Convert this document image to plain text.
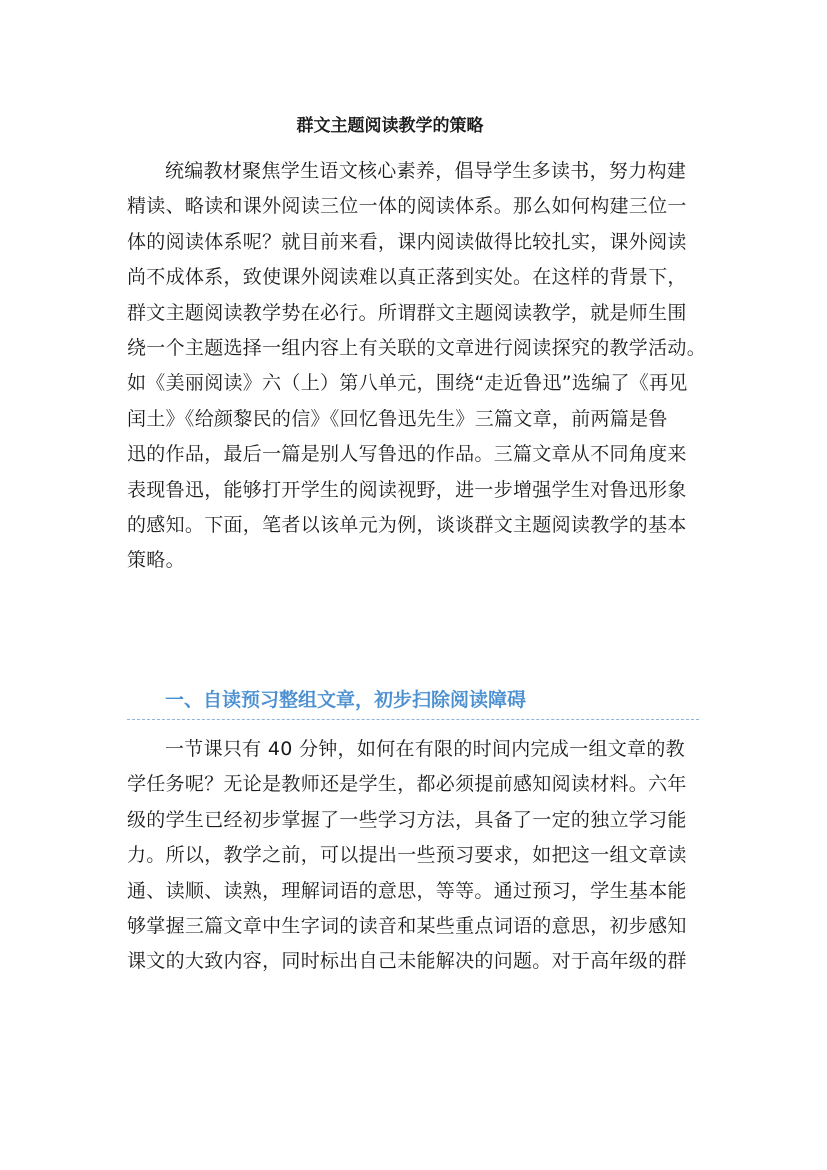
群文主题阅读教学的策略
统编教材聚焦学生语文核心素养，倡导学生多读书，努力构建
精读、略读和课外阅读三位一体的阅读体系。那么如何构建三位一
体的阅读体系呢？就目前来看，课内阅读做得比较扎实，课外阅读
尚不成体系，致使课外阅读难以真正落到实处。在这样的背景下，
群文主题阅读教学势在必行。所谓群文主题阅读教学，就是师生围
绕一个主题选择一组内容上有关联的文章进行阅读探究的教学活动。
如《美丽阅读》六（上）第八单元，围绕“走近鲁迅”选编了《再见
闰土》《给颜黎民的信》《回忆鲁迅先生》三篇文章，前两篇是鲁
迅的作品，最后一篇是别人写鲁迅的作品。三篇文章从不同角度来
表现鲁迅，能够打开学生的阅读视野，进一步增强学生对鲁迅形象
的感知。下面，笔者以该单元为例，谈谈群文主题阅读教学的基本
策略。
一、自读预习整组文章，初步扫除阅读障碍
一节课只有 40 分钟，如何在有限的时间内完成一组文章的教
学任务呢？无论是教师还是学生，都必须提前感知阅读材料。六年
级的学生已经初步掌握了一些学习方法，具备了一定的独立学习能
力。所以，教学之前，可以提出一些预习要求，如把这一组文章读
通、读顺、读熟，理解词语的意思，等等。通过预习，学生基本能
够掌握三篇文章中生字词的读音和某些重点词语的意思，初步感知
课文的大致内容，同时标出自己未能解决的问题。对于高年级的群
